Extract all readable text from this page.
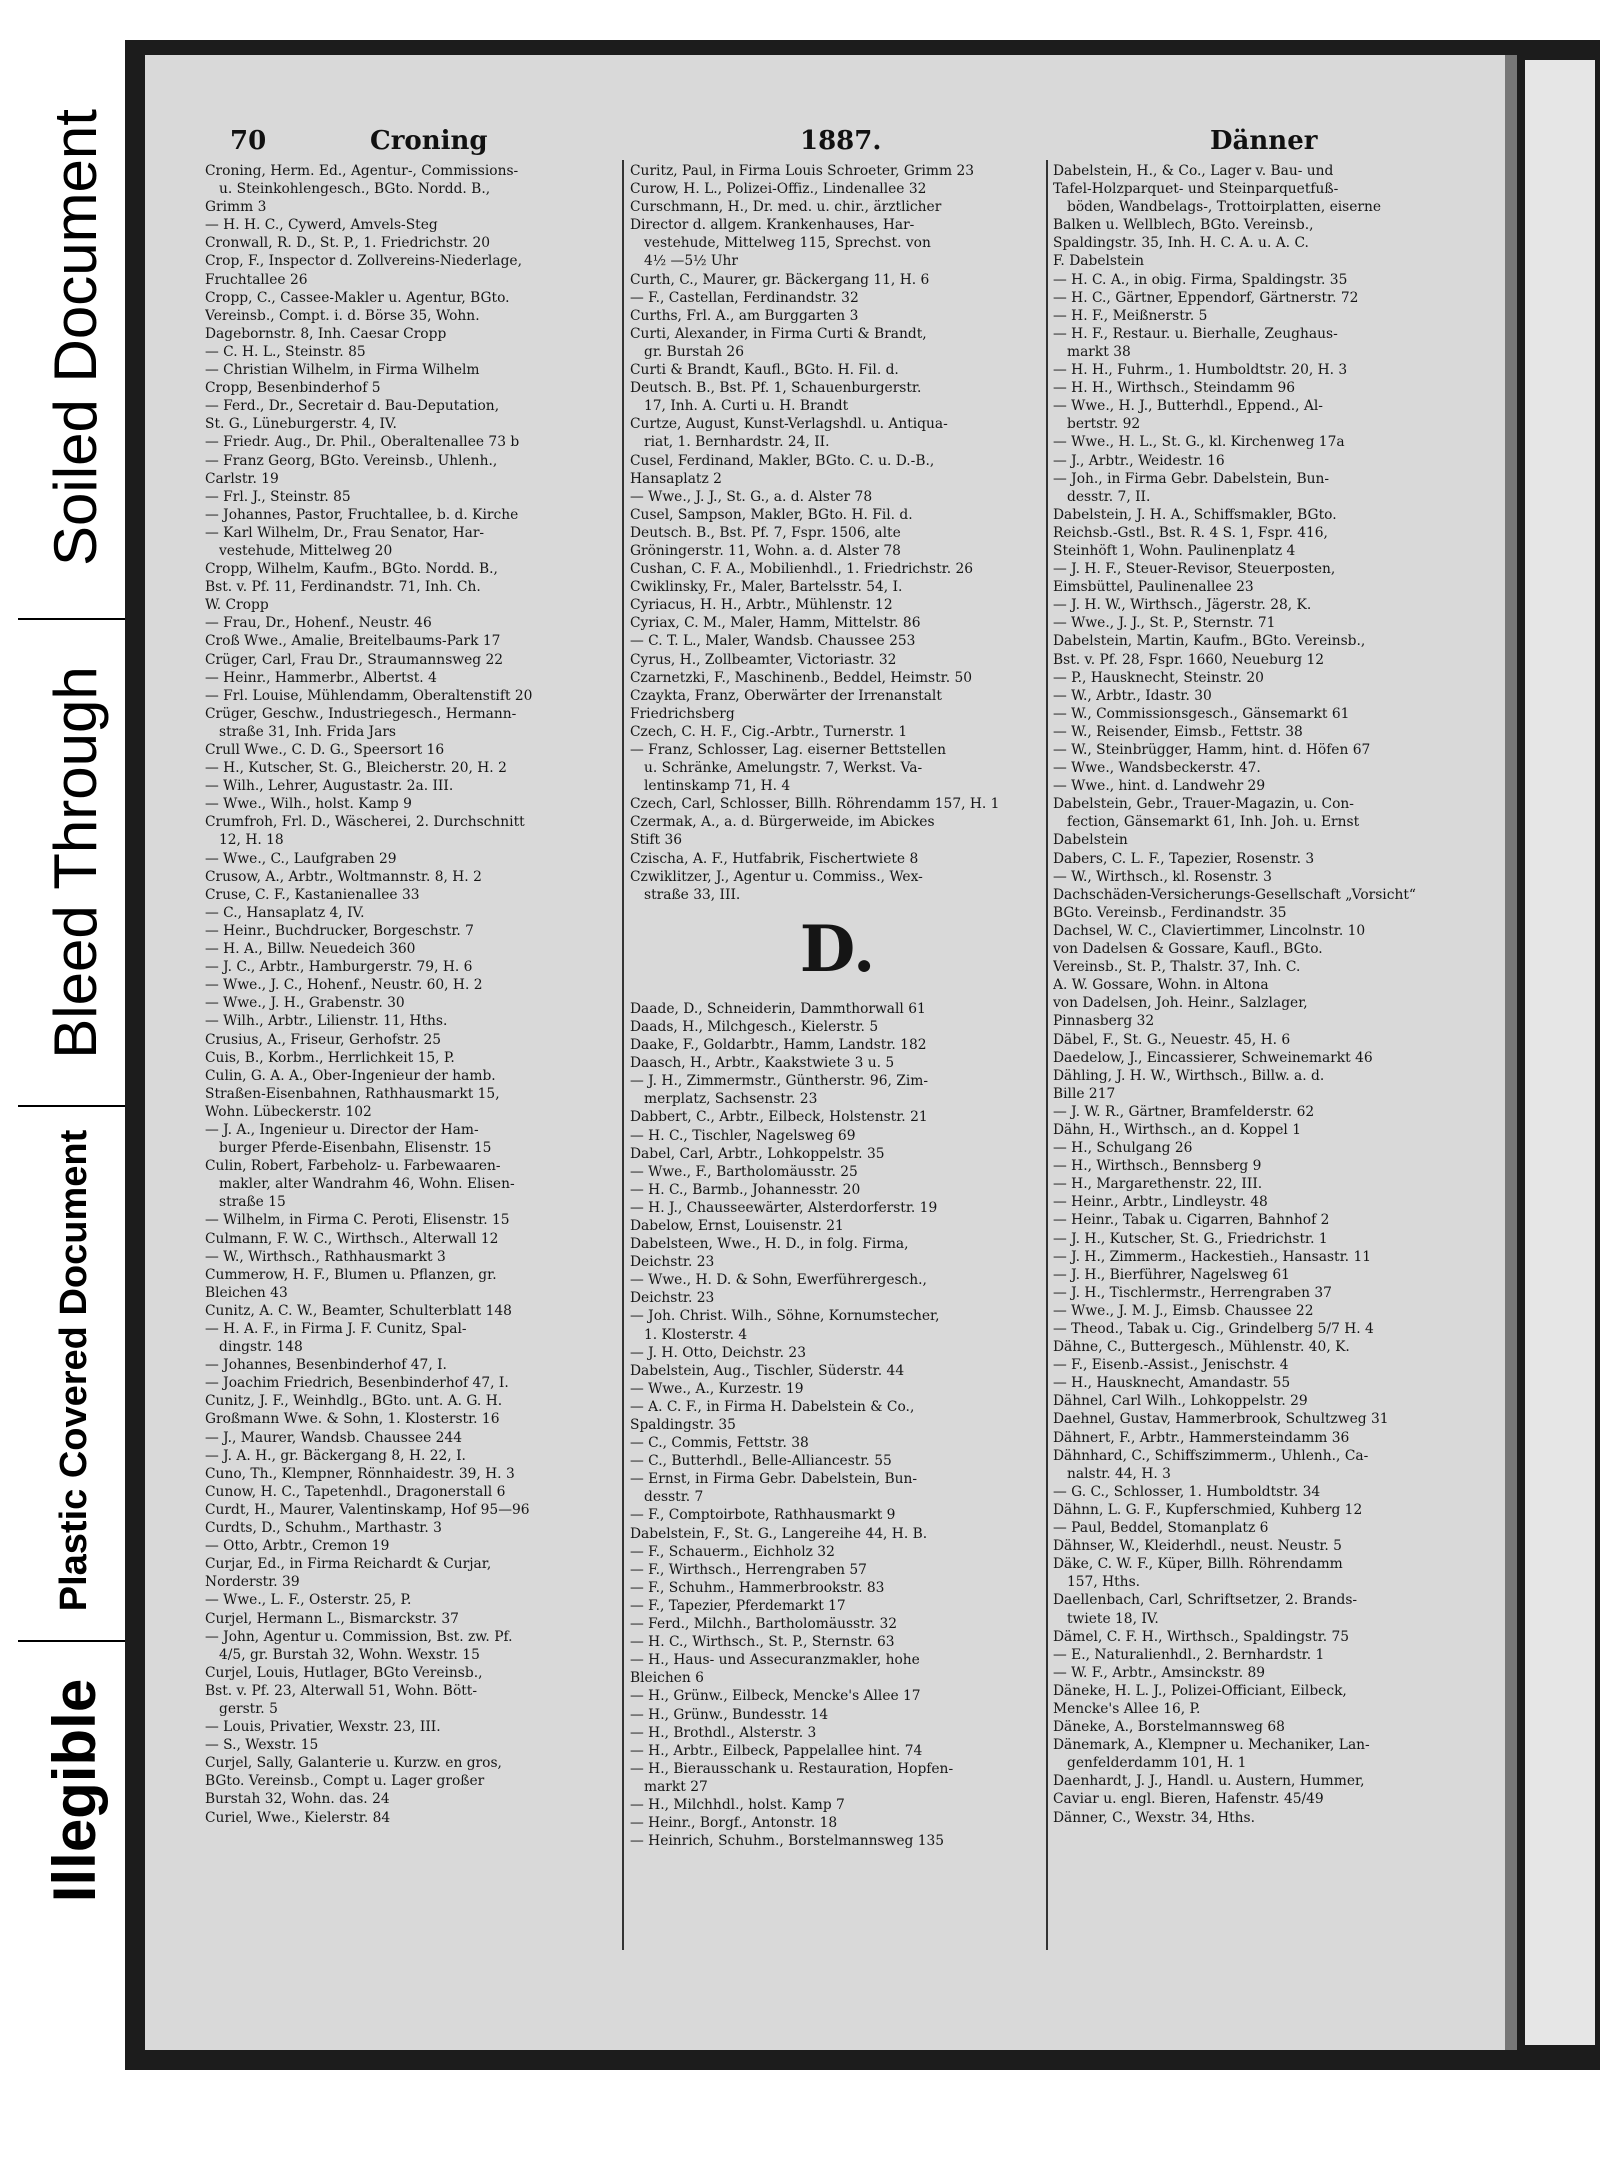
Illegible
Plastic Covered Document
Bleed Through
Soiled Document	70	Croning	1887.	Dänner
Croning, Herm. Ed., Agentur-, Commissions-
u. Steinkohlengesch., BGto. Nordd. B.,
Grimm 3
— H. H. C., Cywerd, Amvels-Steg
Cronwall, R. D., St. P., 1. Friedrichstr. 20
Crop, F., Inspector d. Zollvereins-Niederlage,
Fruchtallee 26
Cropp, C., Cassee-Makler u. Agentur, BGto.
Vereinsb., Compt. i. d. Börse 35, Wohn.
Dagebornstr. 8, Inh. Caesar Cropp
— C. H. L., Steinstr. 85
— Christian Wilhelm, in Firma Wilhelm
Cropp, Besenbinderhof 5
— Ferd., Dr., Secretair d. Bau-Deputation,
St. G., Lüneburgerstr. 4, IV.
— Friedr. Aug., Dr. Phil., Oberaltenallee 73 b
— Franz Georg, BGto. Vereinsb., Uhlenh.,
Carlstr. 19
— Frl. J., Steinstr. 85
— Johannes, Pastor, Fruchtallee, b. d. Kirche
— Karl Wilhelm, Dr., Frau Senator, Har-
vestehude, Mittelweg 20
Cropp, Wilhelm, Kaufm., BGto. Nordd. B.,
Bst. v. Pf. 11, Ferdinandstr. 71, Inh. Ch.
W. Cropp
— Frau, Dr., Hohenf., Neustr. 46
Croß Wwe., Amalie, Breitelbaums-Park 17
Crüger, Carl, Frau Dr., Straumannsweg 22
— Heinr., Hammerbr., Albertst. 4
— Frl. Louise, Mühlendamm, Oberaltenstift 20
Crüger, Geschw., Industriegesch., Hermann-
straße 31, Inh. Frida Jars
Crull Wwe., C. D. G., Speersort 16
— H., Kutscher, St. G., Bleicherstr. 20, H. 2
— Wilh., Lehrer, Augustastr. 2a. III.
— Wwe., Wilh., holst. Kamp 9
Crumfroh, Frl. D., Wäscherei, 2. Durchschnitt
12, H. 18
— Wwe., C., Laufgraben 29
Crusow, A., Arbtr., Woltmannstr. 8, H. 2
Cruse, C. F., Kastanienallee 33
— C., Hansaplatz 4, IV.
— Heinr., Buchdrucker, Borgeschstr. 7
— H. A., Billw. Neuedeich 360
— J. C., Arbtr., Hamburgerstr. 79, H. 6
— Wwe., J. C., Hohenf., Neustr. 60, H. 2
— Wwe., J. H., Grabenstr. 30
— Wilh., Arbtr., Lilienstr. 11, Hths.
Crusius, A., Friseur, Gerhofstr. 25
Cuis, B., Korbm., Herrlichkeit 15, P.
Culin, G. A. A., Ober-Ingenieur der hamb.
Straßen-Eisenbahnen, Rathhausmarkt 15,
Wohn. Lübeckerstr. 102
— J. A., Ingenieur u. Director der Ham-
burger Pferde-Eisenbahn, Elisenstr. 15
Culin, Robert, Farbeholz- u. Farbewaaren-
makler, alter Wandrahm 46, Wohn. Elisen-
straße 15
— Wilhelm, in Firma C. Peroti, Elisenstr. 15
Culmann, F. W. C., Wirthsch., Alterwall 12
— W., Wirthsch., Rathhausmarkt 3
Cummerow, H. F., Blumen u. Pflanzen, gr.
Bleichen 43
Cunitz, A. C. W., Beamter, Schulterblatt 148
— H. A. F., in Firma J. F. Cunitz, Spal-
dingstr. 148
— Johannes, Besenbinderhof 47, I.
— Joachim Friedrich, Besenbinderhof 47, I.
Cunitz, J. F., Weinhdlg., BGto. unt. A. G. H.
Großmann Wwe. & Sohn, 1. Klosterstr. 16
— J., Maurer, Wandsb. Chaussee 244
— J. A. H., gr. Bäckergang 8, H. 22, I.
Cuno, Th., Klempner, Rönnhaidestr. 39, H. 3
Cunow, H. C., Tapetenhdl., Dragonerstall 6
Curdt, H., Maurer, Valentinskamp, Hof 95—96
Curdts, D., Schuhm., Marthastr. 3
— Otto, Arbtr., Cremon 19
Curjar, Ed., in Firma Reichardt & Curjar,
Norderstr. 39
— Wwe., L. F., Osterstr. 25, P.
Curjel, Hermann L., Bismarckstr. 37
— John, Agentur u. Commission, Bst. zw. Pf.
4/5, gr. Burstah 32, Wohn. Wexstr. 15
Curjel, Louis, Hutlager, BGto Vereinsb.,
Bst. v. Pf. 23, Alterwall 51, Wohn. Bött-
gerstr. 5
— Louis, Privatier, Wexstr. 23, III.
— S., Wexstr. 15
Curjel, Sally, Galanterie u. Kurzw. en gros,
BGto. Vereinsb., Compt u. Lager großer
Burstah 32, Wohn. das. 24
Curiel, Wwe., Kielerstr. 84
Curitz, Paul, in Firma Louis Schroeter, Grimm 23
Curow, H. L., Polizei-Offiz., Lindenallee 32
Curschmann, H., Dr. med. u. chir., ärztlicher
Director d. allgem. Krankenhauses, Har-
vestehude, Mittelweg 115, Sprechst. von
4½ —5½ Uhr
Curth, C., Maurer, gr. Bäckergang 11, H. 6
— F., Castellan, Ferdinandstr. 32
Curths, Frl. A., am Burggarten 3
Curti, Alexander, in Firma Curti & Brandt,
gr. Burstah 26
Curti & Brandt, Kaufl., BGto. H. Fil. d.
Deutsch. B., Bst. Pf. 1, Schauenburgerstr.
17, Inh. A. Curti u. H. Brandt
Curtze, August, Kunst-Verlagshdl. u. Antiqua-
riat, 1. Bernhardstr. 24, II.
Cusel, Ferdinand, Makler, BGto. C. u. D.-B.,
Hansaplatz 2
— Wwe., J. J., St. G., a. d. Alster 78
Cusel, Sampson, Makler, BGto. H. Fil. d.
Deutsch. B., Bst. Pf. 7, Fspr. 1506, alte
Gröningerstr. 11, Wohn. a. d. Alster 78
Cushan, C. F. A., Mobilienhdl., 1. Friedrichstr. 26
Cwiklinsky, Fr., Maler, Bartelsstr. 54, I.
Cyriacus, H. H., Arbtr., Mühlenstr. 12
Cyriax, C. M., Maler, Hamm, Mittelstr. 86
— C. T. L., Maler, Wandsb. Chaussee 253
Cyrus, H., Zollbeamter, Victoriastr. 32
Czarnetzki, F., Maschinenb., Beddel, Heimstr. 50
Czaykta, Franz, Oberwärter der Irrenanstalt
Friedrichsberg
Czech, C. H. F., Cig.-Arbtr., Turnerstr. 1
— Franz, Schlosser, Lag. eiserner Bettstellen
u. Schränke, Amelungstr. 7, Werkst. Va-
lentinskamp 71, H. 4
Czech, Carl, Schlosser, Billh. Röhrendamm 157, H. 1
Czermak, A., a. d. Bürgerweide, im Abickes
Stift 36
Czischa, A. F., Hutfabrik, Fischertwiete 8
Czwiklitzer, J., Agentur u. Commiss., Wex-
straße 33, III.
D.
Daade, D., Schneiderin, Dammthorwall 61
Daads, H., Milchgesch., Kielerstr. 5
Daake, F., Goldarbtr., Hamm, Landstr. 182
Daasch, H., Arbtr., Kaakstwiete 3 u. 5
— J. H., Zimmermstr., Güntherstr. 96, Zim-
merplatz, Sachsenstr. 23
Dabbert, C., Arbtr., Eilbeck, Holstenstr. 21
— H. C., Tischler, Nagelsweg 69
Dabel, Carl, Arbtr., Lohkoppelstr. 35
— Wwe., F., Bartholomäusstr. 25
— H. C., Barmb., Johannesstr. 20
— H. J., Chausseewärter, Alsterdorferstr. 19
Dabelow, Ernst, Louisenstr. 21
Dabelsteen, Wwe., H. D., in folg. Firma,
Deichstr. 23
— Wwe., H. D. & Sohn, Ewerführergesch.,
Deichstr. 23
— Joh. Christ. Wilh., Söhne, Kornumstecher,
1. Klosterstr. 4
— J. H. Otto, Deichstr. 23
Dabelstein, Aug., Tischler, Süderstr. 44
— Wwe., A., Kurzestr. 19
— A. C. F., in Firma H. Dabelstein & Co.,
Spaldingstr. 35
— C., Commis, Fettstr. 38
— C., Butterhdl., Belle-Alliancestr. 55
— Ernst, in Firma Gebr. Dabelstein, Bun-
desstr. 7
— F., Comptoirbote, Rathhausmarkt 9
Dabelstein, F., St. G., Langereihe 44, H. B.
— F., Schauerm., Eichholz 32
— F., Wirthsch., Herrengraben 57
— F., Schuhm., Hammerbrookstr. 83
— F., Tapezier, Pferdemarkt 17
— Ferd., Milchh., Bartholomäusstr. 32
— H. C., Wirthsch., St. P., Sternstr. 63
— H., Haus- und Assecuranzmakler, hohe
Bleichen 6
— H., Grünw., Eilbeck, Mencke's Allee 17
— H., Grünw., Bundesstr. 14
— H., Brothdl., Alsterstr. 3
— H., Arbtr., Eilbeck, Pappelallee hint. 74
— H., Bierausschank u. Restauration, Hopfen-
markt 27
— H., Milchhdl., holst. Kamp 7
— Heinr., Borgf., Antonstr. 18
— Heinrich, Schuhm., Borstelmannsweg 135
Dabelstein, H., & Co., Lager v. Bau- und
Tafel-Holzparquet- und Steinparquetfuß-
böden, Wandbelags-, Trottoirplatten, eiserne
Balken u. Wellblech, BGto. Vereinsb.,
Spaldingstr. 35, Inh. H. C. A. u. A. C.
F. Dabelstein
— H. C. A., in obig. Firma, Spaldingstr. 35
— H. C., Gärtner, Eppendorf, Gärtnerstr. 72
— H. F., Meißnerstr. 5
— H. F., Restaur. u. Bierhalle, Zeughaus-
markt 38
— H. H., Fuhrm., 1. Humboldtstr. 20, H. 3
— H. H., Wirthsch., Steindamm 96
— Wwe., H. J., Butterhdl., Eppend., Al-
bertstr. 92
— Wwe., H. L., St. G., kl. Kirchenweg 17a
— J., Arbtr., Weidestr. 16
— Joh., in Firma Gebr. Dabelstein, Bun-
desstr. 7, II.
Dabelstein, J. H. A., Schiffsmakler, BGto.
Reichsb.-Gstl., Bst. R. 4 S. 1, Fspr. 416,
Steinhöft 1, Wohn. Paulinenplatz 4
— J. H. F., Steuer-Revisor, Steuerposten,
Eimsbüttel, Paulinenallee 23
— J. H. W., Wirthsch., Jägerstr. 28, K.
— Wwe., J. J., St. P., Sternstr. 71
Dabelstein, Martin, Kaufm., BGto. Vereinsb.,
Bst. v. Pf. 28, Fspr. 1660, Neueburg 12
— P., Hausknecht, Steinstr. 20
— W., Arbtr., Idastr. 30
— W., Commissionsgesch., Gänsemarkt 61
— W., Reisender, Eimsb., Fettstr. 38
— W., Steinbrügger, Hamm, hint. d. Höfen 67
— Wwe., Wandsbeckerstr. 47.
— Wwe., hint. d. Landwehr 29
Dabelstein, Gebr., Trauer-Magazin, u. Con-
fection, Gänsemarkt 61, Inh. Joh. u. Ernst
Dabelstein
Dabers, C. L. F., Tapezier, Rosenstr. 3
— W., Wirthsch., kl. Rosenstr. 3
Dachschäden-Versicherungs-Gesellschaft „Vorsicht“
BGto. Vereinsb., Ferdinandstr. 35
Dachsel, W. C., Claviertimmer, Lincolnstr. 10
von Dadelsen & Gossare, Kaufl., BGto.
Vereinsb., St. P., Thalstr. 37, Inh. C.
A. W. Gossare, Wohn. in Altona
von Dadelsen, Joh. Heinr., Salzlager,
Pinnasberg 32
Däbel, F., St. G., Neuestr. 45, H. 6
Daedelow, J., Eincassierer, Schweinemarkt 46
Dähling, J. H. W., Wirthsch., Billw. a. d.
Bille 217
— J. W. R., Gärtner, Bramfelderstr. 62
Dähn, H., Wirthsch., an d. Koppel 1
— H., Schulgang 26
— H., Wirthsch., Bennsberg 9
— H., Margarethenstr. 22, III.
— Heinr., Arbtr., Lindleystr. 48
— Heinr., Tabak u. Cigarren, Bahnhof 2
— J. H., Kutscher, St. G., Friedrichstr. 1
— J. H., Zimmerm., Hackestieh., Hansastr. 11
— J. H., Bierführer, Nagelsweg 61
— J. H., Tischlermstr., Herrengraben 37
— Wwe., J. M. J., Eimsb. Chaussee 22
— Theod., Tabak u. Cig., Grindelberg 5/7 H. 4
Dähne, C., Buttergesch., Mühlenstr. 40, K.
— F., Eisenb.-Assist., Jenischstr. 4
— H., Hausknecht, Amandastr. 55
Dähnel, Carl Wilh., Lohkoppelstr. 29
Daehnel, Gustav, Hammerbrook, Schultzweg 31
Dähnert, F., Arbtr., Hammersteindamm 36
Dähnhard, C., Schiffszimmerm., Uhlenh., Ca-
nalstr. 44, H. 3
— G. C., Schlosser, 1. Humboldtstr. 34
Dähnn, L. G. F., Kupferschmied, Kuhberg 12
— Paul, Beddel, Stomanplatz 6
Dähnser, W., Kleiderhdl., neust. Neustr. 5
Däke, C. W. F., Küper, Billh. Röhrendamm
157, Hths.
Daellenbach, Carl, Schriftsetzer, 2. Brands-
twiete 18, IV.
Dämel, C. F. H., Wirthsch., Spaldingstr. 75
— E., Naturalienhdl., 2. Bernhardstr. 1
— W. F., Arbtr., Amsinckstr. 89
Däneke, H. L. J., Polizei-Officiant, Eilbeck,
Mencke's Allee 16, P.
Däneke, A., Borstelmannsweg 68
Dänemark, A., Klempner u. Mechaniker, Lan-
genfelderdamm 101, H. 1
Daenhardt, J. J., Handl. u. Austern, Hummer,
Caviar u. engl. Bieren, Hafenstr. 45/49
Dänner, C., Wexstr. 34, Hths.
